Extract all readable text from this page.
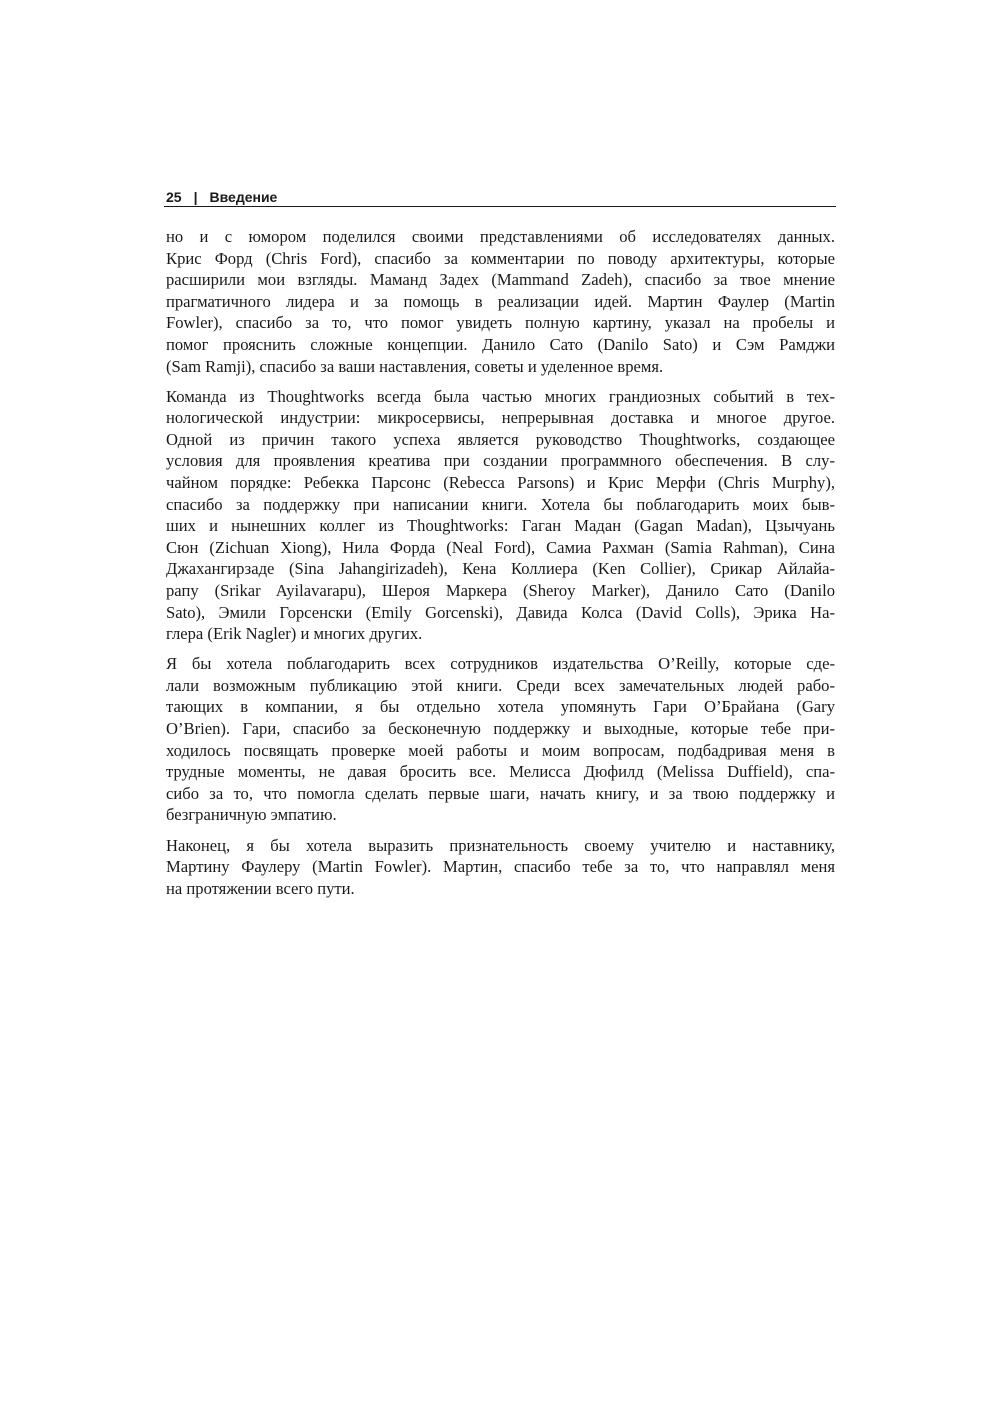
25 | Введение
но и с юмором поделился своими представлениями об исследователях данных.
Крис Форд (Chris Ford), спасибо за комментарии по поводу архитектуры, которые
расширили мои взгляды. Маманд Задех (Mammand Zadeh), спасибо за твое мнение
прагматичного лидера и за помощь в реализации идей. Мартин Фаулер (Martin
Fowler), спасибо за то, что помог увидеть полную картину, указал на пробелы и
помог прояснить сложные концепции. Данило Сато (Danilo Sato) и Сэм Рамджи
(Sam Ramji), спасибо за ваши наставления, советы и уделенное время.
Команда из Thoughtworks всегда была частью многих грандиозных событий в тех-
нологической индустрии: микросервисы, непрерывная доставка и многое другое.
Одной из причин такого успеха является руководство Thoughtworks, создающее
условия для проявления креатива при создании программного обеспечения. В слу-
чайном порядке: Ребекка Парсонс (Rebecca Parsons) и Крис Мерфи (Chris Murphy),
спасибо за поддержку при написании книги. Хотела бы поблагодарить моих быв-
ших и нынешних коллег из Thoughtworks: Гаган Мадан (Gagan Madan), Цзычуань
Сюн (Zichuan Xiong), Нила Форда (Neal Ford), Самиа Рахман (Samia Rahman), Сина
Джахангирзаде (Sina Jahangirizadeh), Кена Коллиера (Ken Collier), Срикар Айлайа-
рапу (Srikar Ayilavarapu), Шероя Маркера (Sheroy Marker), Данило Сато (Danilo
Sato), Эмили Горсенски (Emily Gorcenski), Давида Колса (David Colls), Эрика На-
глера (Erik Nagler) и многих других.
Я бы хотела поблагодарить всех сотрудников издательства O’Reilly, которые сде-
лали возможным публикацию этой книги. Среди всех замечательных людей рабо-
тающих в компании, я бы отдельно хотела упомянуть Гари О’Брайана (Gary
O’Brien). Гари, спасибо за бесконечную поддержку и выходные, которые тебе при-
ходилось посвящать проверке моей работы и моим вопросам, подбадривая меня в
трудные моменты, не давая бросить все. Мелисса Дюфилд (Melissa Duffield), спа-
сибо за то, что помогла сделать первые шаги, начать книгу, и за твою поддержку и
безграничную эмпатию.
Наконец, я бы хотела выразить признательность своему учителю и наставнику,
Мартину Фаулеру (Martin Fowler). Мартин, спасибо тебе за то, что направлял меня
на протяжении всего пути.
